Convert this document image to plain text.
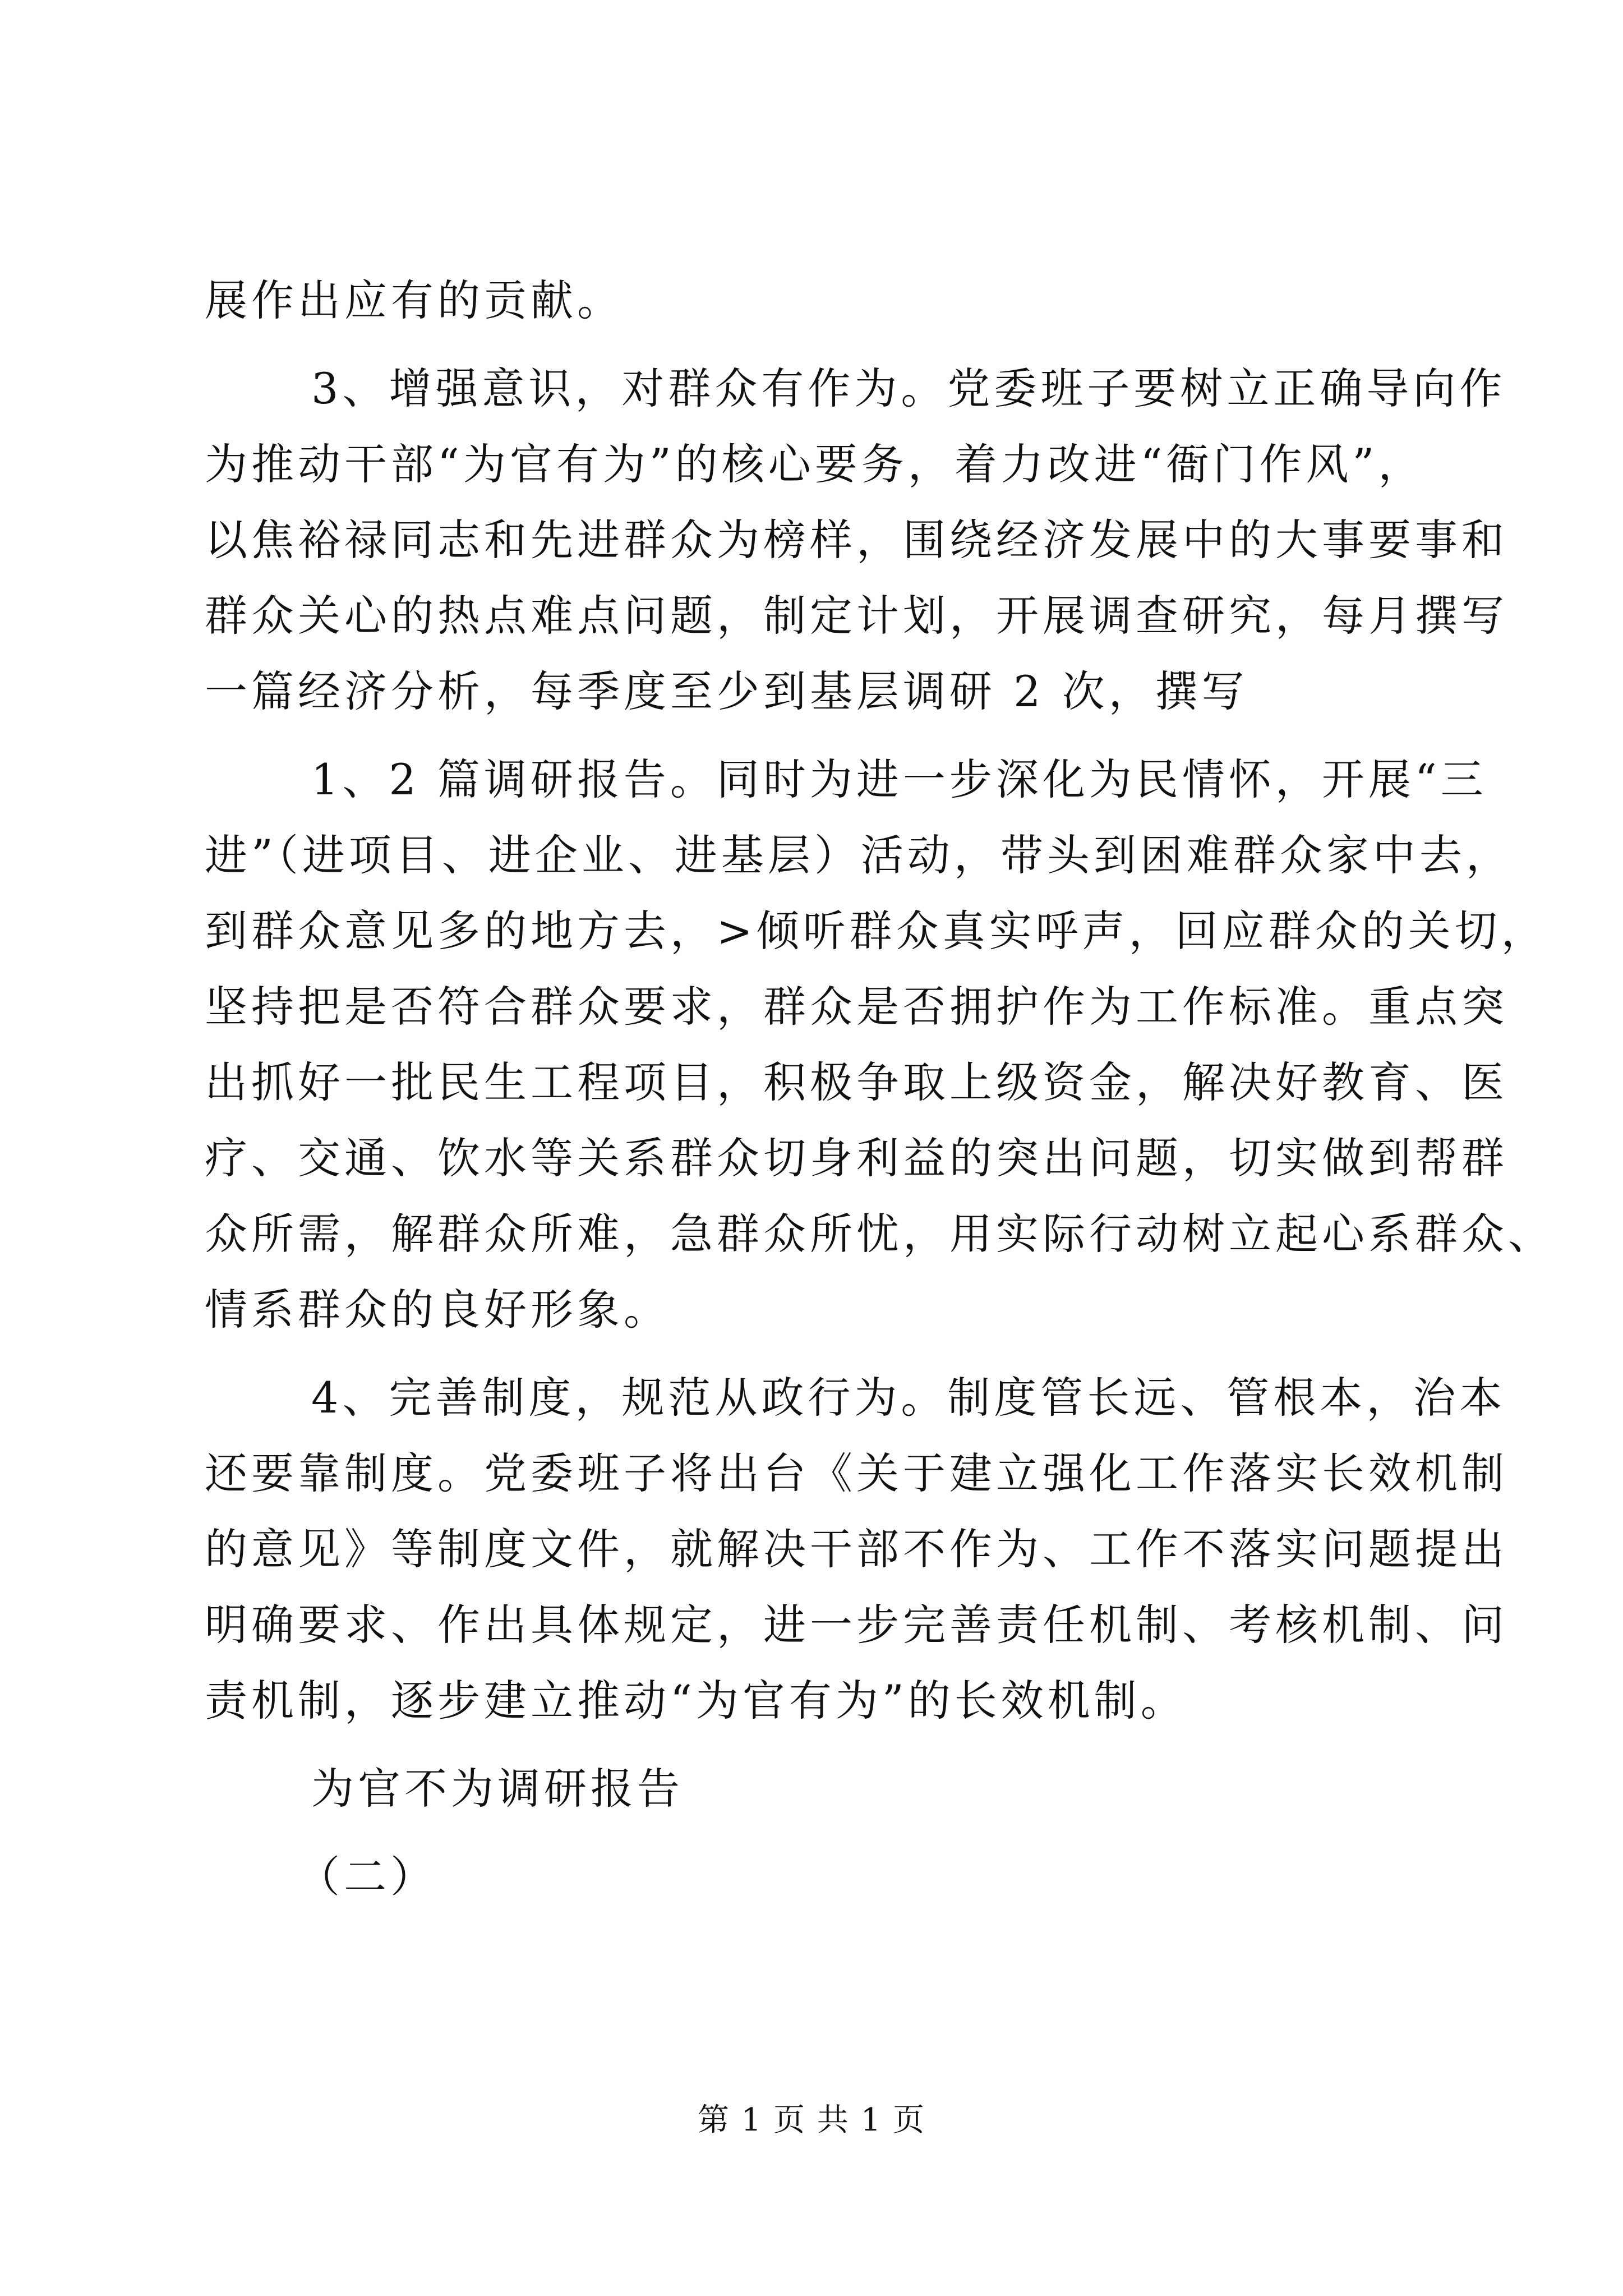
展作出应有的贡献。
3、增强意识，对群众有作为。党委班子要树立正确导向作
为推动干部“为官有为”的核心要务，着力改进“衙门作风”，
以焦裕禄同志和先进群众为榜样，围绕经济发展中的大事要事和
群众关心的热点难点问题，制定计划，开展调查研究，每月撰写
一篇经济分析，每季度至少到基层调研 2 次，撰写
1、2 篇调研报告。同时为进一步深化为民情怀，开展“三
进”（进项目、进企业、进基层）活动，带头到困难群众家中去，
到群众意见多的地方去，>倾听群众真实呼声，回应群众的关切，
坚持把是否符合群众要求，群众是否拥护作为工作标准。重点突
出抓好一批民生工程项目，积极争取上级资金，解决好教育、医
疗、交通、饮水等关系群众切身利益的突出问题，切实做到帮群
众所需，解群众所难，急群众所忧，用实际行动树立起心系群众、
情系群众的良好形象。
4、完善制度，规范从政行为。制度管长远、管根本，治本
还要靠制度。党委班子将出台《关于建立强化工作落实长效机制
的意见》等制度文件，就解决干部不作为、工作不落实问题提出
明确要求、作出具体规定，进一步完善责任机制、考核机制、问
责机制，逐步建立推动“为官有为”的长效机制。
为官不为调研报告
（二）
第 1 页 共 1 页
